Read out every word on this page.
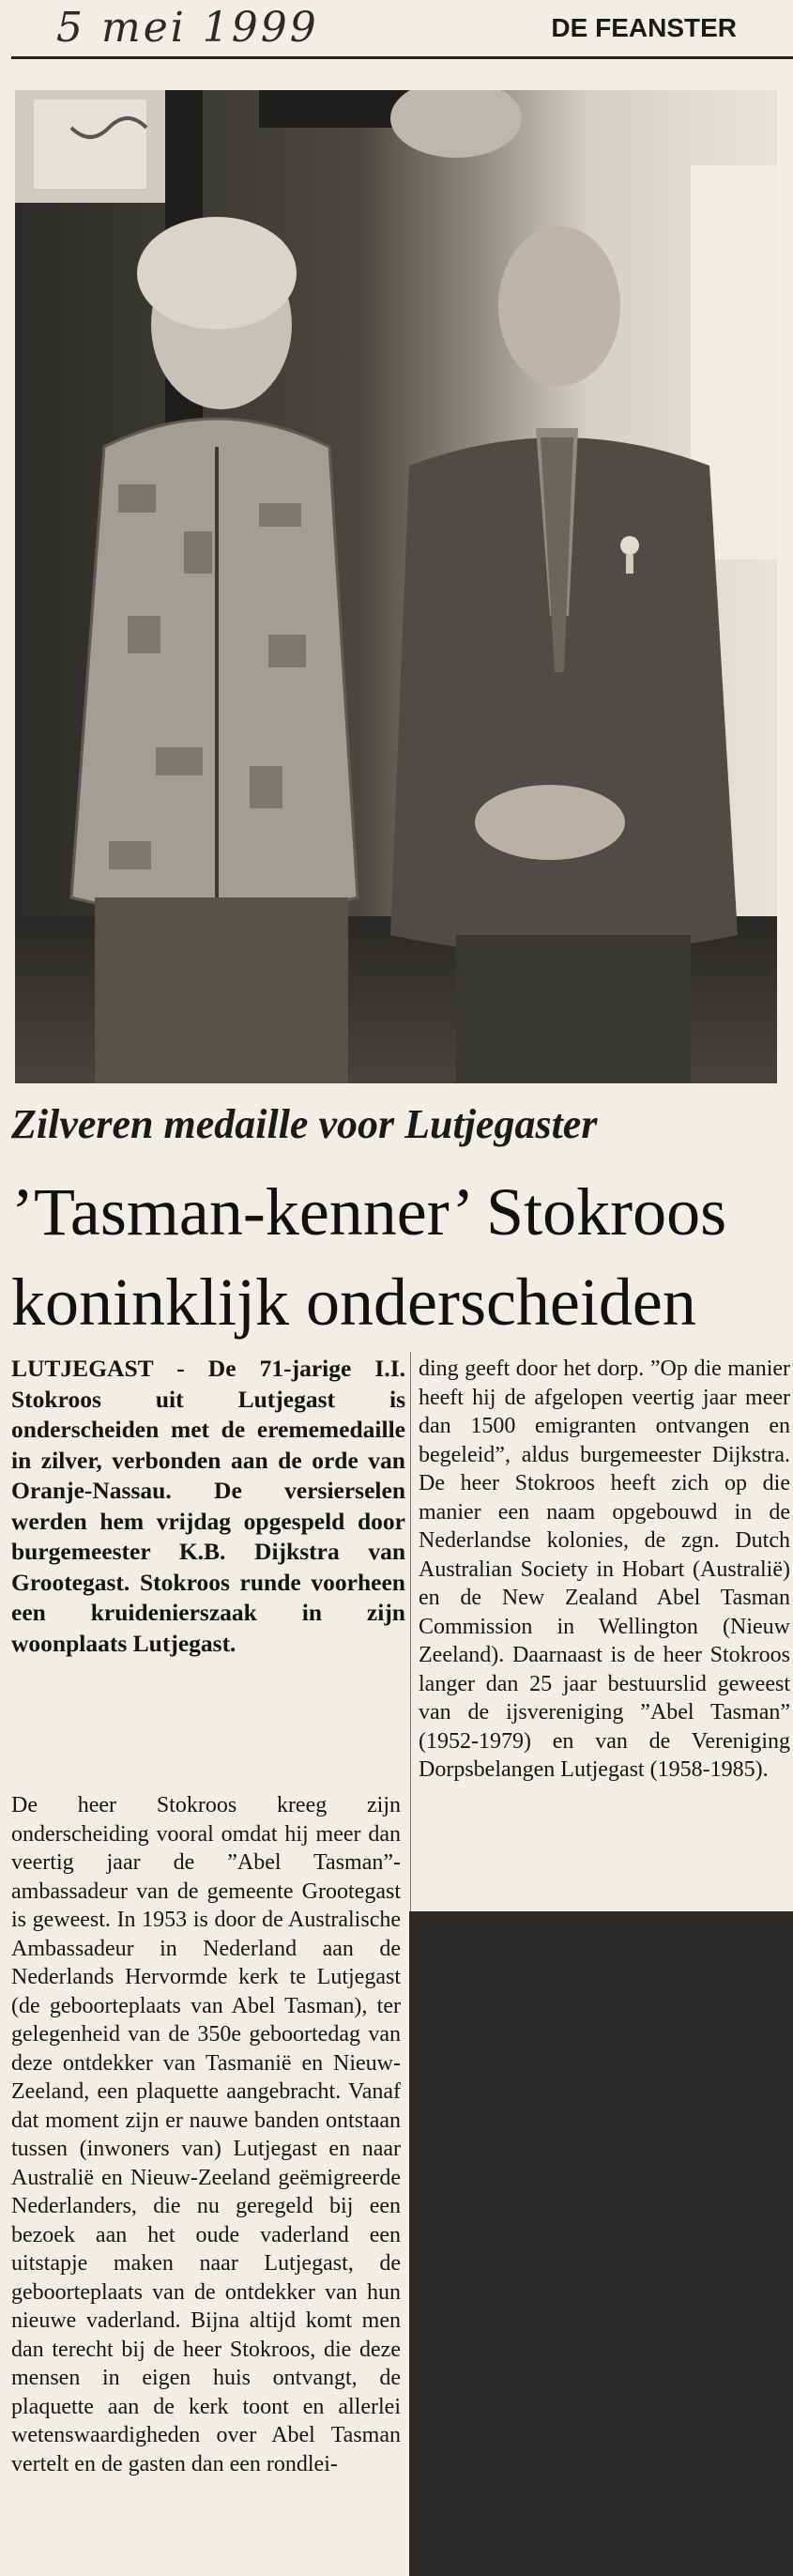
5 mei 1999	DE FEANSTER
Zilveren medaille voor Lutjegaster
’Tasman-kenner’ Stokroos
koninklijk onderscheiden

LUTJEGAST - De 71-jarige I.I. Stokroos uit Lutjegast is onderscheiden met de erememedaille in zilver, verbonden aan de orde van Oranje-Nassau. De versierselen werden hem vrijdag opgespeld door burgemeester K.B. Dijkstra van Grootegast. Stokroos runde voorheen een kruidenierszaak in zijn woonplaats Lutjegast.

De heer Stokroos kreeg zijn onderscheiding vooral omdat hij meer dan veertig jaar de ”Abel Tasman”-ambassadeur van de gemeente Grootegast is geweest. In 1953 is door de Australische Ambassadeur in Nederland aan de Nederlands Hervormde kerk te Lutjegast (de geboorteplaats van Abel Tasman), ter gelegenheid van de 350e geboortedag van deze ontdekker van Tasmanië en Nieuw-Zeeland, een plaquette aangebracht. Vanaf dat moment zijn er nauwe banden ontstaan tussen (inwoners van) Lutjegast en naar Australië en Nieuw-Zeeland geëmigreerde Nederlanders, die nu geregeld bij een bezoek aan het oude vaderland een uitstapje maken naar Lutjegast, de geboorteplaats van de ontdekker van hun nieuwe vaderland. Bijna altijd komt men dan terecht bij de heer Stokroos, die deze mensen in eigen huis ontvangt, de plaquette aan de kerk toont en allerlei wetenswaardigheden over Abel Tasman vertelt en de gasten dan een rondlei-

ding geeft door het dorp. ”Op die manier heeft hij de afgelopen veertig jaar meer dan 1500 emigranten ontvangen en begeleid”, aldus burgemeester Dijkstra. De heer Stokroos heeft zich op die manier een naam opgebouwd in de Nederlandse kolonies, de zgn. Dutch Australian Society in Hobart (Australië) en de New Zealand Abel Tasman Commission in Wellington (Nieuw Zeeland). Daarnaast is de heer Stokroos langer dan 25 jaar bestuurslid geweest van de ijsvereniging ”Abel Tasman” (1952-1979) en van de Vereniging Dorpsbelangen Lutjegast (1958-1985).
